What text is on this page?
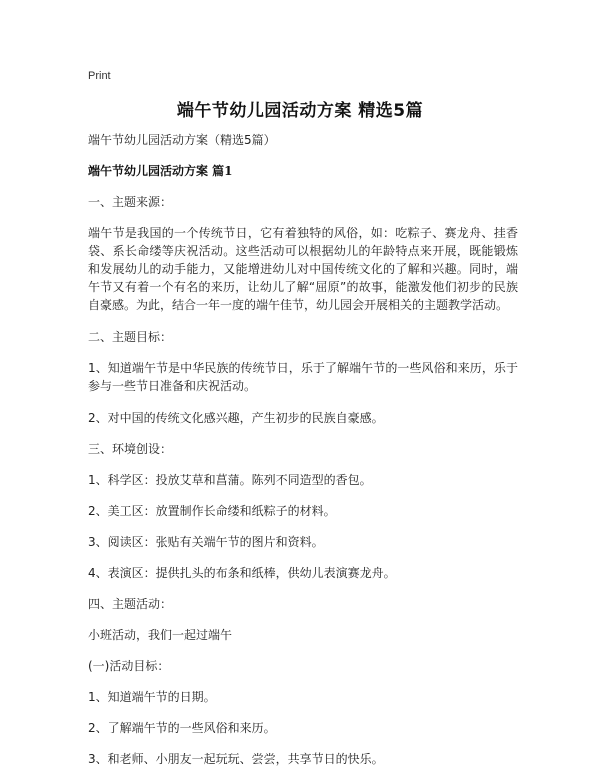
Print
端午节幼儿园活动方案 精选5篇

端午节幼儿园活动方案（精选5篇）

端午节幼儿园活动方案 篇1

一、主题来源：

端午节是我国的一个传统节日，它有着独特的风俗，如：吃粽子、赛龙舟、挂香袋、系长命缕等庆祝活动。这些活动可以根据幼儿的年龄特点来开展，既能锻炼和发展幼儿的动手能力，又能增进幼儿对中国传统文化的了解和兴趣。同时，端午节又有着一个有名的来历，让幼儿了解“屈原”的故事，能激发他们初步的民族自豪感。为此，结合一年一度的端午佳节，幼儿园会开展相关的主题教学活动。

二、主题目标：

1、知道端午节是中华民族的传统节日，乐于了解端午节的一些风俗和来历，乐于参与一些节日准备和庆祝活动。

2、对中国的传统文化感兴趣，产生初步的民族自豪感。

三、环境创设：

1、科学区：投放艾草和菖蒲。陈列不同造型的香包。

2、美工区：放置制作长命缕和纸粽子的材料。

3、阅读区：张贴有关端午节的图片和资料。

4、表演区：提供扎头的布条和纸棒，供幼儿表演赛龙舟。

四、主题活动：

小班活动，我们一起过端午

(一)活动目标：

1、知道端午节的日期。

2、了解端午节的一些风俗和来历。

3、和老师、小朋友一起玩玩、尝尝，共享节日的快乐。
